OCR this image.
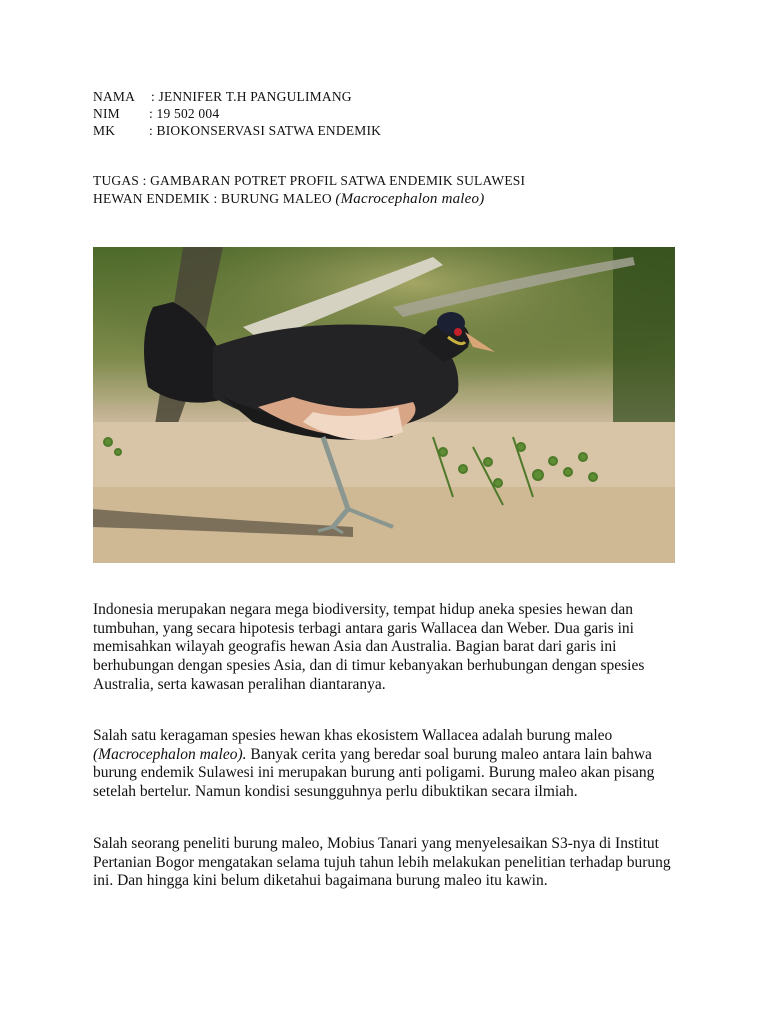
NAMA : JENNIFER T.H PANGULIMANG
NIM : 19 502 004
MK	: BIOKONSERVASI SATWA ENDEMIK
TUGAS : GAMBARAN POTRET PROFIL SATWA ENDEMIK SULAWESI
HEWAN ENDEMIK : BURUNG MALEO (Macrocephalon maleo)

Indonesia merupakan negara mega biodiversity, tempat hidup aneka spesies hewan dan tumbuhan, yang secara hipotesis terbagi antara garis Wallacea dan Weber. Dua garis ini memisahkan wilayah geografis hewan Asia dan Australia. Bagian barat dari garis ini berhubungan dengan spesies Asia, dan di timur kebanyakan berhubungan dengan spesies Australia, serta kawasan peralihan diantaranya.

Salah satu keragaman spesies hewan khas ekosistem Wallacea adalah burung maleo (Macrocephalon maleo). Banyak cerita yang beredar soal burung maleo antara lain bahwa burung endemik Sulawesi ini merupakan burung anti poligami. Burung maleo akan pisang setelah bertelur. Namun kondisi sesungguhnya perlu dibuktikan secara ilmiah.

Salah seorang peneliti burung maleo, Mobius Tanari yang menyelesaikan S3-nya di Institut Pertanian Bogor mengatakan selama tujuh tahun lebih melakukan penelitian terhadap burung ini. Dan hingga kini belum diketahui bagaimana burung maleo itu kawin.
